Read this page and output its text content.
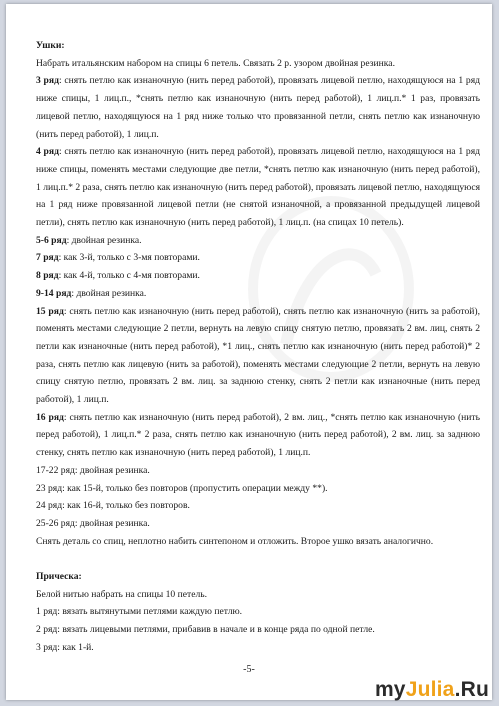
Ушки:

Набрать итальянским набором на спицы 6 петель. Связать 2 р. узором двойная резинка.

3 ряд: снять петлю как изнаночную (нить перед работой), провязать лицевой петлю, находящуюся на 1 ряд ниже спицы, 1 лиц.п., *снять петлю как изнаночную (нить перед работой), 1 лиц.п.* 1 раз, провязать лицевой петлю, находящуюся на 1 ряд ниже только что провязанной петли, снять петлю как изнаночную (нить перед работой), 1 лиц.п.

4 ряд: снять петлю как изнаночную (нить перед работой), провязать лицевой петлю, находящуюся на 1 ряд ниже спицы, поменять местами следующие две петли, *снять петлю как изнаночную (нить перед работой), 1 лиц.п.* 2 раза, снять петлю как изнаночную (нить перед работой), провязать лицевой петлю, находящуюся на 1 ряд ниже провязанной лицевой петли (не снятой изнаночной, а провязанной предыдущей лицевой петли), снять петлю как изнаночную (нить перед работой), 1 лиц.п. (на спицах 10 петель).

5-6 ряд: двойная резинка.

7 ряд: как 3-й, только с 3-мя повторами.

8 ряд: как 4-й, только с 4-мя повторами.

9-14 ряд: двойная резинка.

15 ряд: снять петлю как изнаночную (нить перед работой), снять петлю как изнаночную (нить за работой), поменять местами следующие 2 петли, вернуть на левую спицу снятую петлю, провязать 2 вм. лиц, снять 2 петли как изнаночные (нить перед работой), *1 лиц., снять петлю как изнаночную (нить перед работой)* 2 раза, снять петлю как лицевую (нить за работой), поменять местами следующие 2 петли, вернуть на левую спицу снятую петлю, провязать 2 вм. лиц. за заднюю стенку, снять 2 петли как изнаночные (нить перед работой), 1 лиц.п.

16 ряд: снять петлю как изнаночную (нить перед работой), 2 вм. лиц., *снять петлю как изнаночную (нить перед работой), 1 лиц.п.* 2 раза, снять петлю как изнаночную (нить перед работой), 2 вм. лиц. за заднюю стенку, снять петлю как изнаночную (нить перед работой), 1 лиц.п.

17-22 ряд: двойная резинка.

23 ряд: как 15-й, только без повторов (пропустить операции между **).

24 ряд: как 16-й, только без повторов.

25-26 ряд: двойная резинка.

Снять деталь со спиц, неплотно набить синтепоном и отложить. Второе ушко вязать аналогично.

Прическа:

Белой нитью набрать на спицы 10 петель.

1 ряд: вязать вытянутыми петлями каждую петлю.

2 ряд: вязать лицевыми петлями, прибавив в начале и в конце ряда по одной петле.

3 ряд: как 1-й.

-5-
myJulia.Ru
